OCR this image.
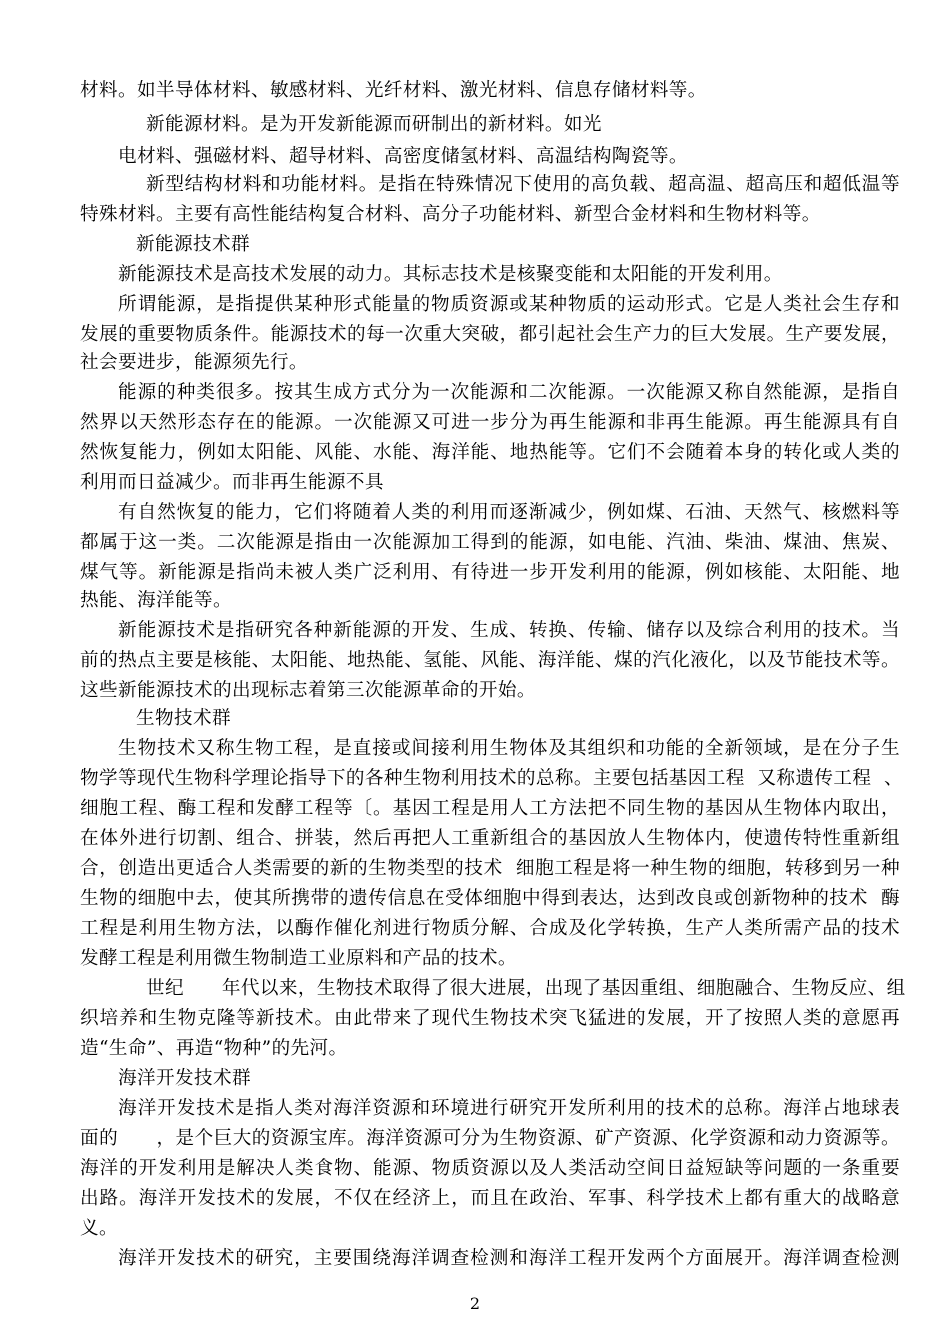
材料。如半导体材料、敏感材料、光纤材料、激光材料、信息存储材料等。
新能源材料。是为开发新能源而研制出的新材料。如光
电材料、强磁材料、超导材料、高密度储氢材料、高温结构陶瓷等。
新型结构材料和功能材料。是指在特殊情况下使用的高负载、超高温、超高压和超低温等
特殊材料。主要有高性能结构复合材料、高分子功能材料、新型合金材料和生物材料等。
新能源技术群
新能源技术是高技术发展的动力。其标志技术是核聚变能和太阳能的开发利用。
所谓能源，是指提供某种形式能量的物质资源或某种物质的运动形式。它是人类社会生存和
发展的重要物质条件。能源技术的每一次重大突破，都引起社会生产力的巨大发展。生产要发展，
社会要进步，能源须先行。
能源的种类很多。按其生成方式分为一次能源和二次能源。一次能源又称自然能源，是指自
然界以天然形态存在的能源。一次能源又可进一步分为再生能源和非再生能源。再生能源具有自
然恢复能力，例如太阳能、风能、水能、海洋能、地热能等。它们不会随着本身的转化或人类的
利用而日益减少。而非再生能源不具
有自然恢复的能力，它们将随着人类的利用而逐渐减少，例如煤、石油、天然气、核燃料等
都属于这一类。二次能源是指由一次能源加工得到的能源，如电能、汽油、柴油、煤油、焦炭、
煤气等。新能源是指尚未被人类广泛利用、有待进一步开发利用的能源，例如核能、太阳能、地
热能、海洋能等。
新能源技术是指研究各种新能源的开发、生成、转换、传输、储存以及综合利用的技术。当
前的热点主要是核能、太阳能、地热能、氢能、风能、海洋能、煤的汽化液化，以及节能技术等。
这些新能源技术的出现标志着第三次能源革命的开始。
生物技术群
生物技术又称生物工程，是直接或间接利用生物体及其组织和功能的全新领域，是在分子生
物学等现代生物科学理论指导下的各种生物利用技术的总称。主要包括基因工程  又称遗传工程  、
细胞工程、酶工程和发酵工程等〔。基因工程是用人工方法把不同生物的基因从生物体内取出，
在体外进行切割、组合、拼装，然后再把人工重新组合的基因放人生物体内，使遗传特性重新组
合，创造出更适合人类需要的新的生物类型的技术  细胞工程是将一种生物的细胞，转移到另一种
生物的细胞中去，使其所携带的遗传信息在受体细胞中得到表达，达到改良或创新物种的技术  酶
工程是利用生物方法，以酶作催化剂进行物质分解、合成及化学转换，生产人类所需产品的技术
发酵工程是利用微生物制造工业原料和产品的技术。
世纪      年代以来，生物技术取得了很大进展，出现了基因重组、细胞融合、生物反应、组
织培养和生物克隆等新技术。由此带来了现代生物技术突飞猛进的发展，开了按照人类的意愿再
造“生命”、再造“物种”的先河。
海洋开发技术群
海洋开发技术是指人类对海洋资源和环境进行研究开发所利用的技术的总称。海洋占地球表
面的      ，是个巨大的资源宝库。海洋资源可分为生物资源、矿产资源、化学资源和动力资源等。
海洋的开发利用是解决人类食物、能源、物质资源以及人类活动空间日益短缺等问题的一条重要
出路。海洋开发技术的发展，不仅在经济上，而且在政治、军事、科学技术上都有重大的战略意
义。
海洋开发技术的研究，主要围绕海洋调查检测和海洋工程开发两个方面展开。海洋调查检测
2
